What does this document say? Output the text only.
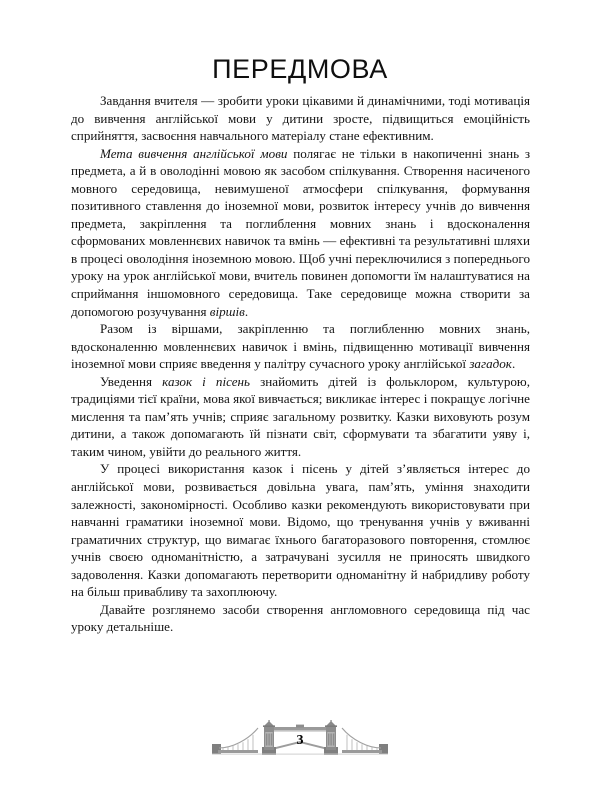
ПЕРЕДМОВА

Завдання вчителя — зробити уроки цікавими й динамічними, тоді мотивація до вивчення англійської мови у дитини зросте, підвищиться емоційність сприйняття, засвоєння навчального матеріалу стане ефективним.

Мета вивчення англійської мови полягає не тільки в накопиченні знань з предмета, а й в оволодінні мовою як засобом спілкування. Створення насиченого мовного середовища, невимушеної атмосфери спілкування, формування позитивного ставлення до іноземної мови, розвиток інтересу учнів до вивчення предмета, закріплення та поглиблення мовних знань і вдосконалення сформованих мовленнєвих навичок та вмінь — ефективні та результативні шляхи в процесі оволодіння іноземною мовою. Щоб учні переключилися з попереднього уроку на урок англійської мови, вчитель повинен допомогти їм налаштуватися на сприймання іншомовного середовища. Таке середовище можна створити за допомогою розучування віршів.

Разом із віршами, закріпленню та поглибленню мовних знань, вдосконаленню мовленнєвих навичок і вмінь, підвищенню мотивації вивчення іноземної мови сприяє введення у палітру сучасного уроку англійської загадок.

Уведення казок і пісень знайомить дітей із фольклором, культурою, традиціями тієї країни, мова якої вивчається; викликає інтерес і покращує логічне мислення та пам’ять учнів; сприяє загальному розвитку. Казки виховують розум дитини, а також допомагають їй пізнати світ, сформувати та збагатити уяву і, таким чином, увійти до реального життя.

У процесі використання казок і пісень у дітей з’являється інтерес до англійської мови, розвивається довільна увага, пам’ять, уміння знаходити залежності, закономірності. Особливо казки рекомендують використовувати при навчанні граматики іноземної мови. Відомо, що тренування учнів у вживанні граматичних структур, що вимагає їхнього багаторазового повторення, стомлює учнів своєю одноманітністю, а затрачувані зусилля не приносять швидкого задоволення. Казки допомагають перетворити одноманітну й набридливу роботу на більш привабливу та захоплюючу.

Давайте розглянемо засоби створення англомовного середовища під час уроку детальніше.

3
